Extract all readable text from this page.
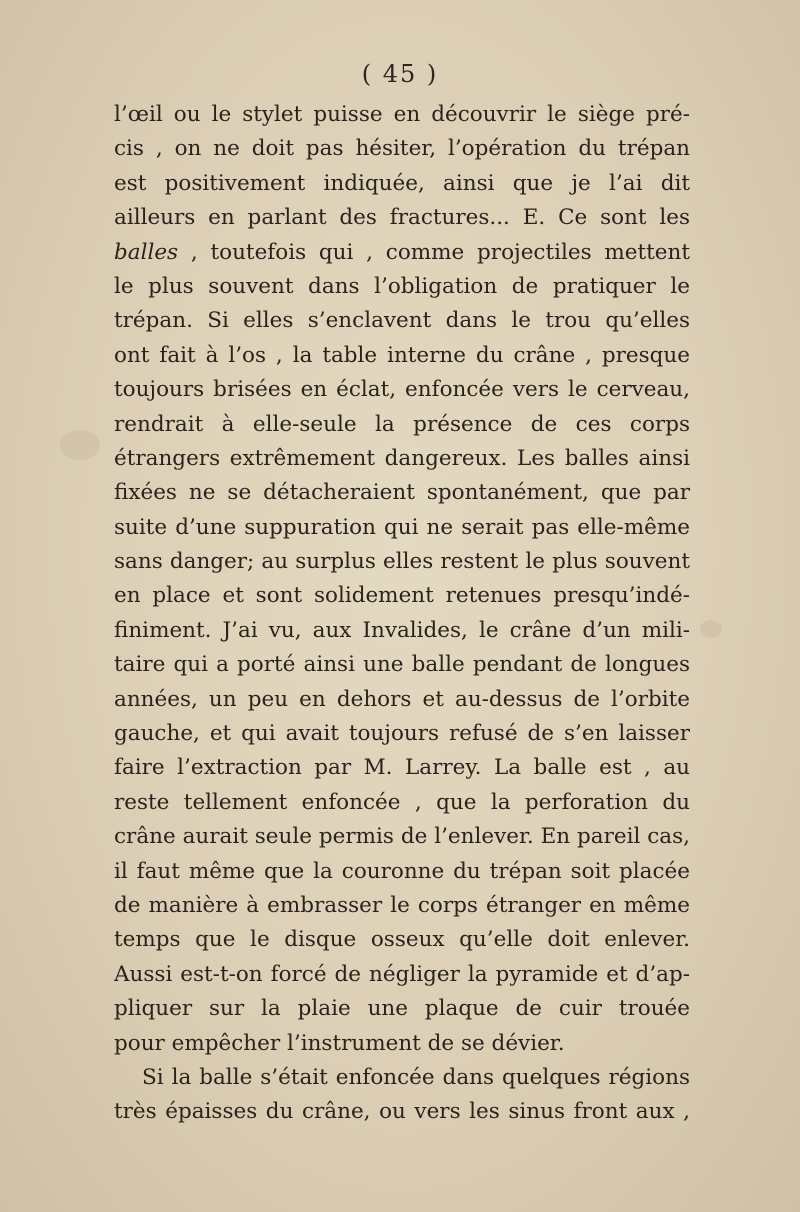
( 45 )
l’œil ou le stylet puisse en découvrir le siège pré-
cis , on ne doit pas hésiter, l’opération du trépan
est positivement indiquée, ainsi que je l’ai dit
ailleurs en parlant des fractures... E. Ce sont les
balles , toutefois qui , comme projectiles mettent
le plus souvent dans l’obligation de pratiquer le
trépan. Si elles s’enclavent dans le trou qu’elles
ont fait à l’os , la table interne du crâne , presque
toujours brisées en éclat, enfoncée vers le cerveau,
rendrait à elle-seule la présence de ces corps
étrangers extrêmement dangereux. Les balles ainsi
fixées ne se détacheraient spontanément, que par
suite d’une suppuration qui ne serait pas elle-même
sans danger; au surplus elles restent le plus souvent
en place et sont solidement retenues presqu’indé-
finiment. J’ai vu, aux Invalides, le crâne d’un mili-
taire qui a porté ainsi une balle pendant de longues
années, un peu en dehors et au-dessus de l’orbite
gauche, et qui avait toujours refusé de s’en laisser
faire l’extraction par M. Larrey. La balle est , au
reste tellement enfoncée , que la perforation du
crâne aurait seule permis de l’enlever. En pareil cas,
il faut même que la couronne du trépan soit placée
de manière à embrasser le corps étranger en même
temps que le disque osseux qu’elle doit enlever.
Aussi est-t-on forcé de négliger la pyramide et d’ap-
pliquer sur la plaie une plaque de cuir trouée
pour empêcher l’instrument de se dévier.
Si la balle s’était enfoncée dans quelques régions
très épaisses du crâne, ou vers les sinus front aux ,
